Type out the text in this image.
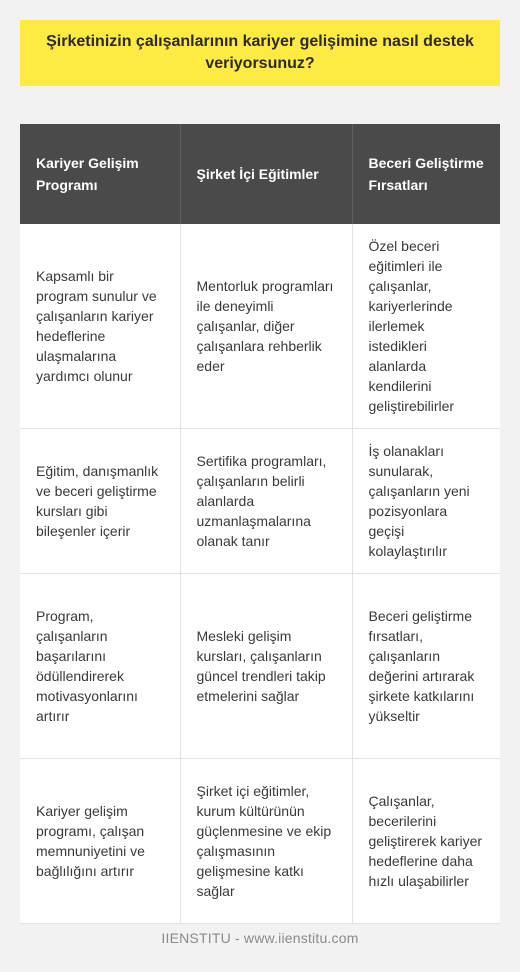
Şirketinizin çalışanlarının kariyer gelişimine nasıl destek veriyorsunuz?
Kariyer Gelişim Programı	Şirket İçi Eğitimler	Beceri Geliştirme Fırsatları
Kapsamlı bir program sunulur ve çalışanların kariyer hedeflerine ulaşmalarına yardımcı olunur	Mentorluk programları ile deneyimli çalışanlar, diğer çalışanlara rehberlik eder	Özel beceri eğitimleri ile çalışanlar, kariyerlerinde ilerlemek istedikleri alanlarda kendilerini geliştirebilirler
Eğitim, danışmanlık ve beceri geliştirme kursları gibi bileşenler içerir	Sertifika programları, çalışanların belirli alanlarda uzmanlaşmalarına olanak tanır	İş olanakları sunularak, çalışanların yeni pozisyonlara geçişi kolaylaştırılır
Program, çalışanların başarılarını ödüllendirerek motivasyonlarını artırır	Mesleki gelişim kursları, çalışanların güncel trendleri takip etmelerini sağlar	Beceri geliştirme fırsatları, çalışanların değerini artırarak şirkete katkılarını yükseltir
Kariyer gelişim programı, çalışan memnuniyetini ve bağlılığını artırır	Şirket içi eğitimler, kurum kültürünün güçlenmesine ve ekip çalışmasının gelişmesine katkı sağlar	Çalışanlar, becerilerini geliştirerek kariyer hedeflerine daha hızlı ulaşabilirler
IIENSTITU - www.iienstitu.com
